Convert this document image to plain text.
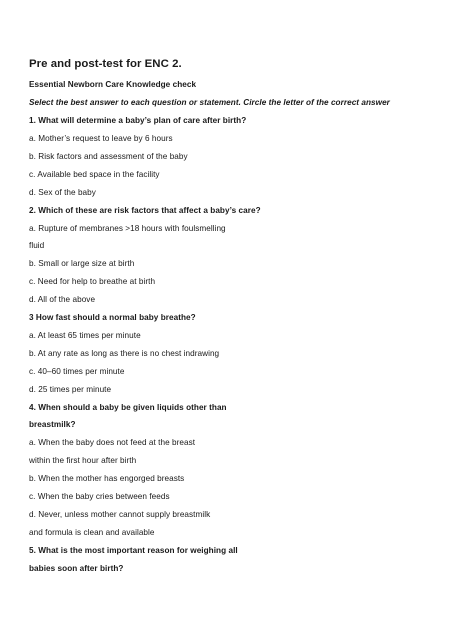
Pre and post-test for ENC 2.
Essential Newborn Care Knowledge check
Select the best answer to each question or statement. Circle the letter of the correct answer
1. What will determine a baby’s plan of care after birth?
a. Mother’s request to leave by 6 hours
b. Risk factors and assessment of the baby
c. Available bed space in the facility
d. Sex of the baby
2. Which of these are risk factors that affect a baby’s care?
a. Rupture of membranes >18 hours with foulsmelling
fluid
b. Small or large size at birth
c. Need for help to breathe at birth
d. All of the above
3 How fast should a normal baby breathe?
a. At least 65 times per minute
b. At any rate as long as there is no chest indrawing
c. 40–60 times per minute
d. 25 times per minute
4. When should a baby be given liquids other than
breastmilk?
a. When the baby does not feed at the breast
within the first hour after birth
b. When the mother has engorged breasts
c. When the baby cries between feeds
d. Never, unless mother cannot supply breastmilk
and formula is clean and available
5. What is the most important reason for weighing all
babies soon after birth?
